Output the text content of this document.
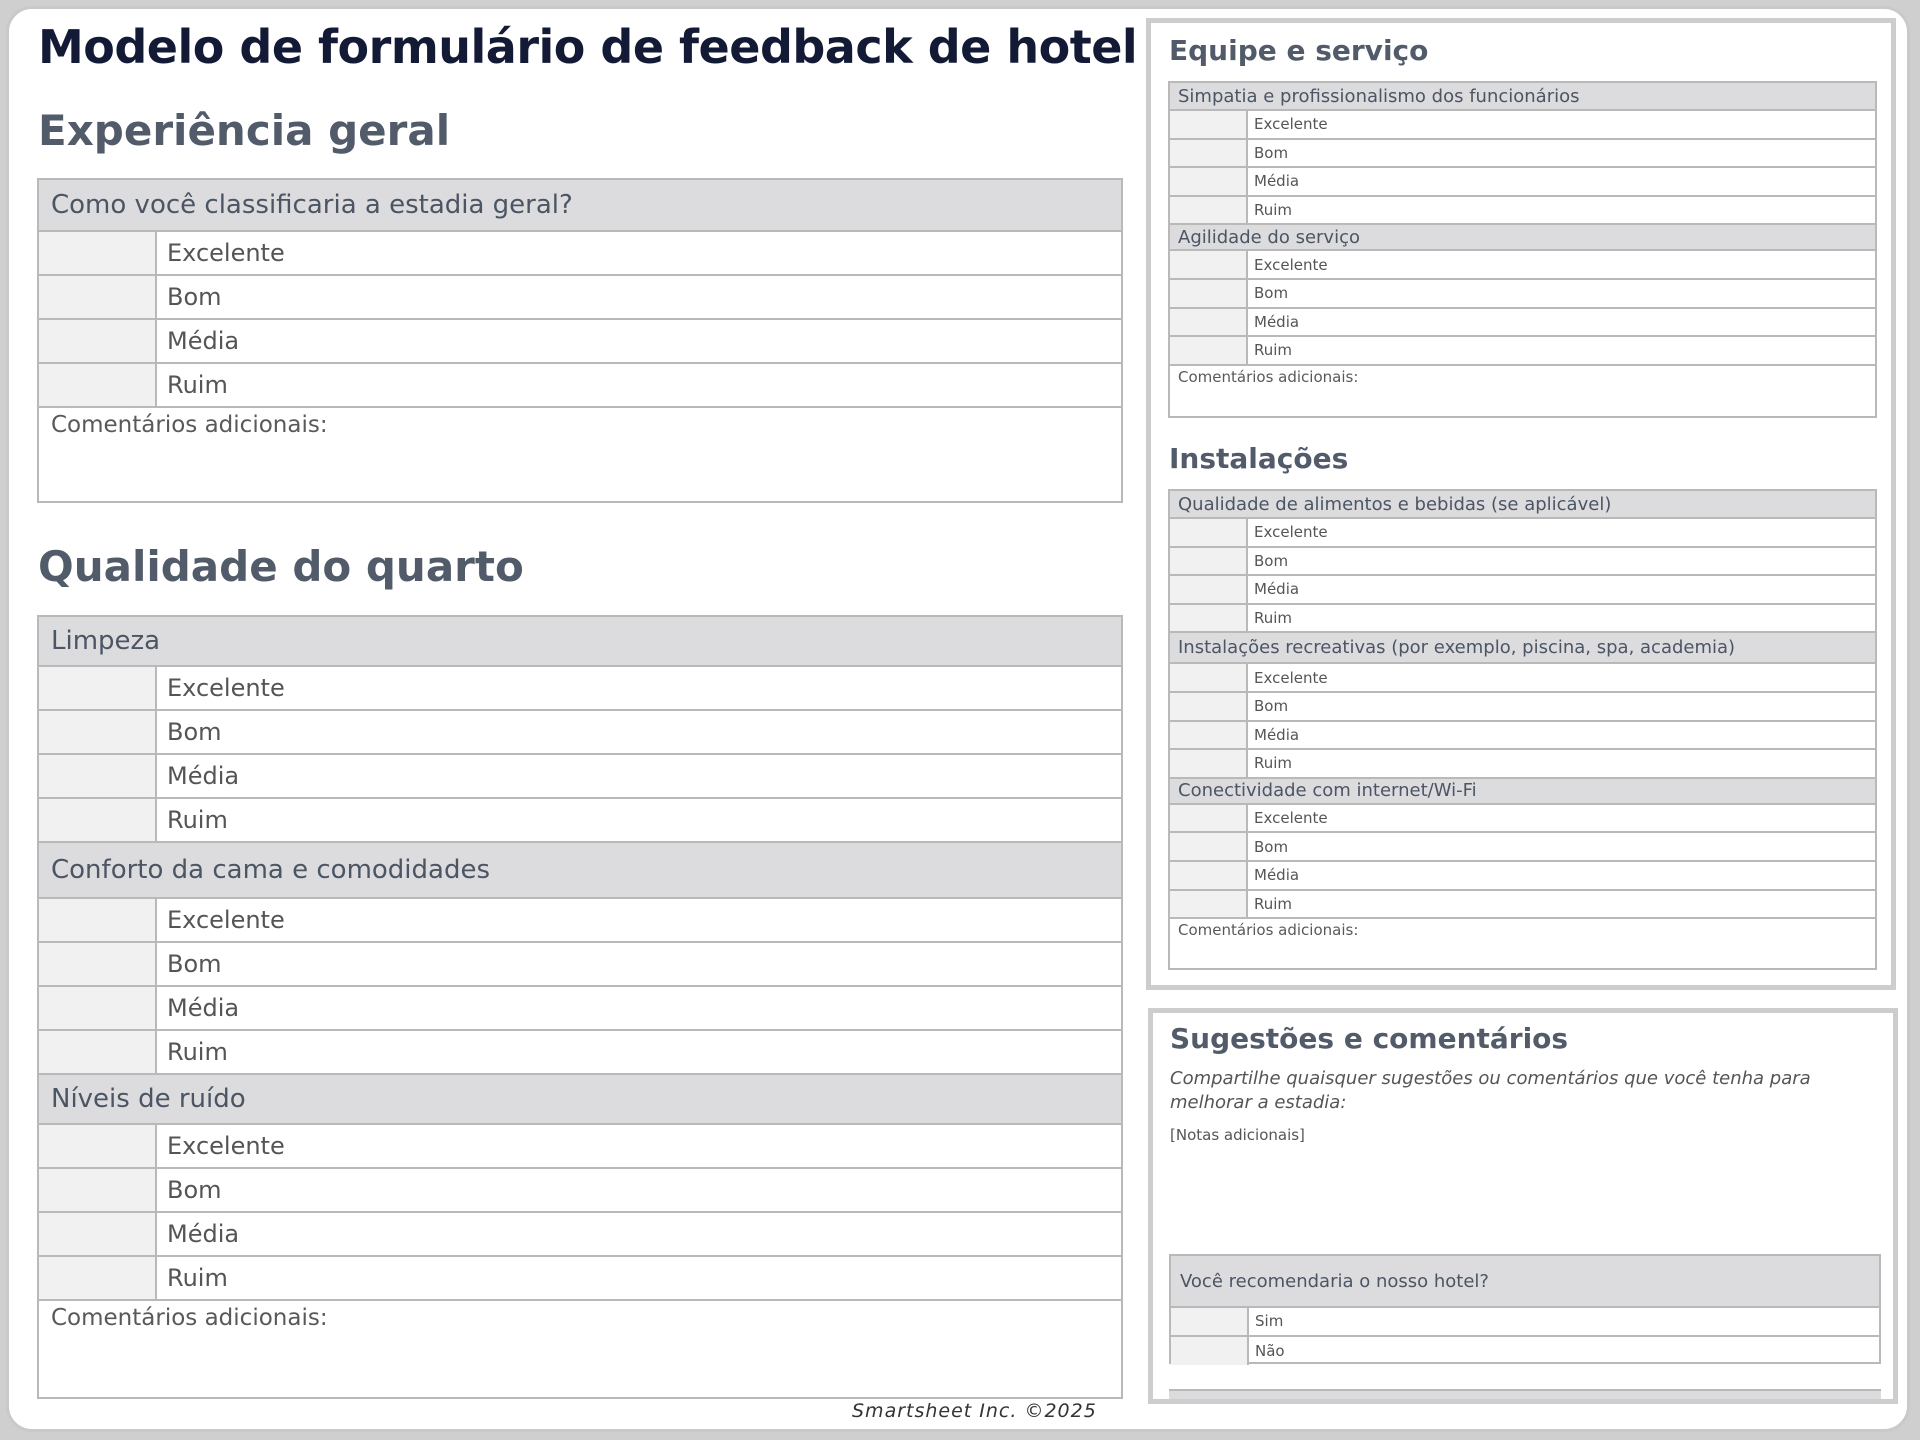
Modelo de formulário de feedback de hotel
Experiência geral
Como você classificaria a estadia geral?
Excelente
Bom
Média
Ruim
Comentários adicionais:
Qualidade do quarto
Limpeza
Excelente
Bom
Média
Ruim
Conforto da cama e comodidades
Excelente
Bom
Média
Ruim
Níveis de ruído
Excelente
Bom
Média
Ruim
Comentários adicionais:
Smartsheet Inc. ©2025
Equipe e serviço
Simpatia e profissionalismo dos funcionários
Excelente
Bom
Média
Ruim
Agilidade do serviço
Excelente
Bom
Média
Ruim
Comentários adicionais:
Instalações
Qualidade de alimentos e bebidas (se aplicável)
Excelente
Bom
Média
Ruim
Instalações recreativas (por exemplo, piscina, spa, academia)
Excelente
Bom
Média
Ruim
Conectividade com internet/Wi-Fi
Excelente
Bom
Média
Ruim
Comentários adicionais:
Sugestões e comentários
Compartilhe quaisquer sugestões ou comentários que você tenha para melhorar a estadia:
[Notas adicionais]
Você recomendaria o nosso hotel?
Sim
Não
